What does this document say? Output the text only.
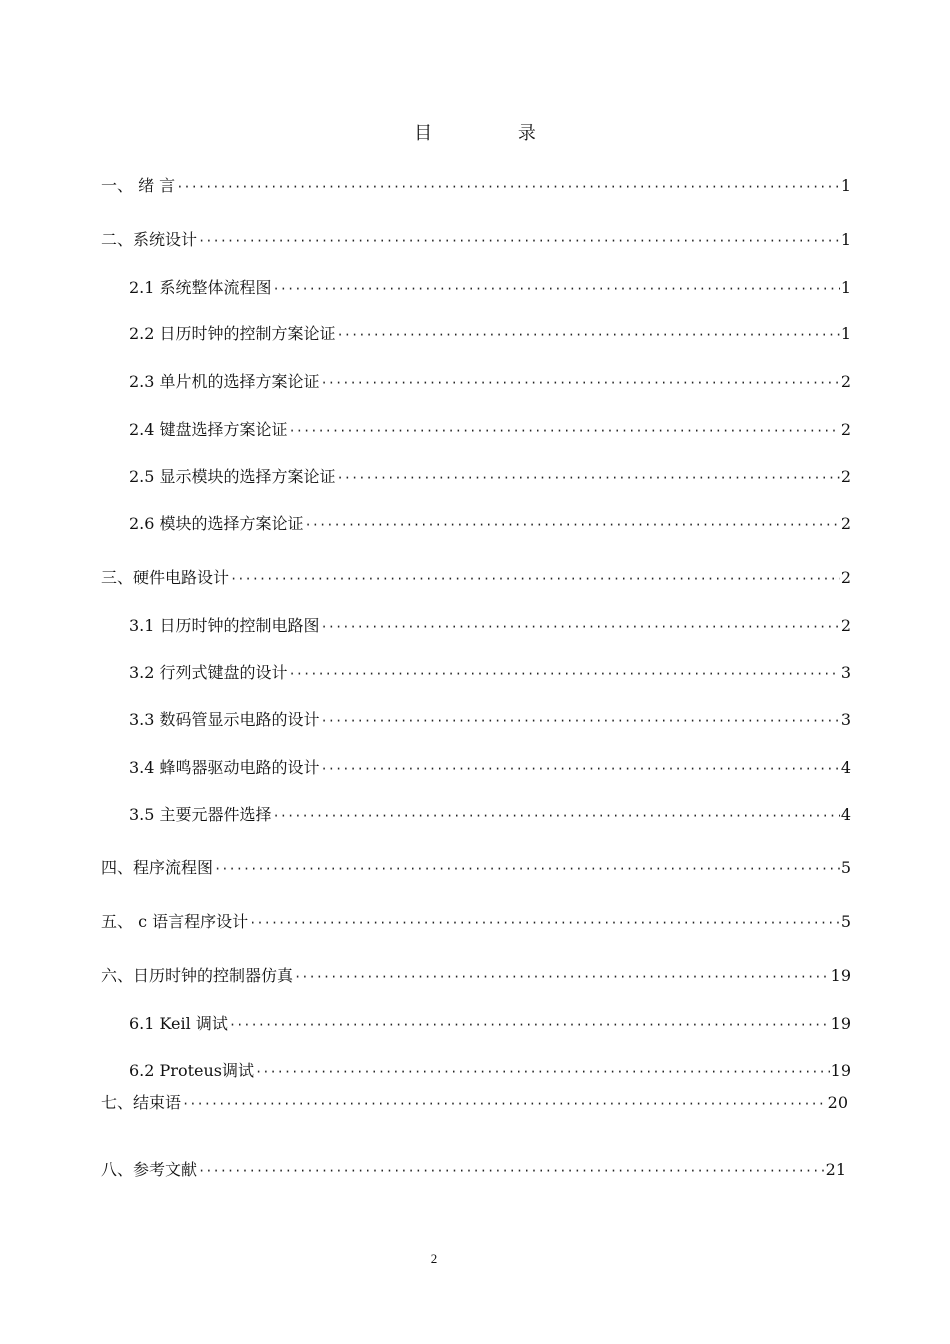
目 录
一、 绪 言 ·····	1
二、系统设计 ·····	1
2.1 系统整体流程图 ·····	1
2.2 日历时钟的控制方案论证 ·····	1
2.3 单片机的选择方案论证 ·····	2
2.4 键盘选择方案论证 ·····	2
2.5 显示模块的选择方案论证 ·····	2
2.6 模块的选择方案论证 ·····	2
三、硬件电路设计 ·····	2
3.1 日历时钟的控制电路图 ·····	2
3.2 行列式键盘的设计 ·····	3
3.3 数码管显示电路的设计 ·····	3
3.4 蜂鸣器驱动电路的设计 ·····	4
3.5 主要元器件选择 ·····	4
四、程序流程图 ·····	5
五、 c 语言程序设计 ·····	5
六、日历时钟的控制器仿真 ·····	19
6.1 Keil 调试 ·····	19
6.2 Proteus调试 ·····	19
七、结束语 ·····	20
八、参考文献 ·····	21
2
